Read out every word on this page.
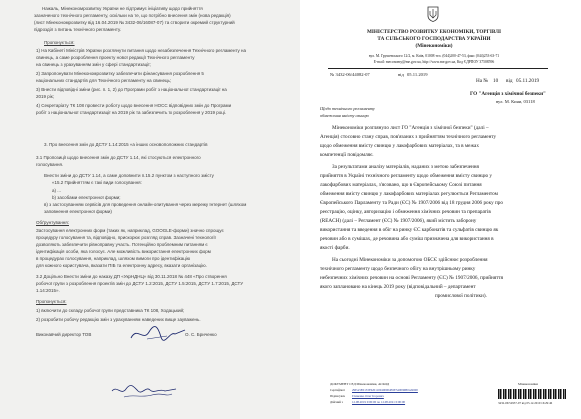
Нажаль, Мінекономрозвитку України не підтримує ініціативу щодо прийняття
зазначеного технічного регламенту, оскільки на те, що потрібно внесення змін (нова редакція)
(лист Мінекономрозвитку від 16.04.2019 № 3432-06/16087-07) та створити окремий структурний
підрозділ з питань технічного регламенту.
Пропонується:
1) На Кабінеті Міністрів України розглянути питання щодо незабезпечення Технічного регламенту на
свинець, а саме розроблення проекту нової редакції Технічного регламенту
на свинець з урахуванням змін у сфері стандартизації;
2) Запропонувати Мінекономрозвитку забезпечити фінансування розроблення 5
національних стандартів для Технічного регламенту на свинець;
3) Внести відповідні зміни (рис. п. 1, 2) до Програми робіт з національної стандартизації на
2019 рік;
4) Секретаріату ТК 108 провести роботу щодо внесення НОСС відповідних змін до Програми
робіт з національної стандартизації на 2019 рік та забезпечить їх розроблення у 2019 році.
3. Про внесення змін до ДСТУ 1.14:2015 «а інших основоположних стандартів
3.1 Пропозиції щодо внесення змін до ДСТУ 1.14, які стосуються електронного
голосування.
Внести зміни до ДСТУ 1.14, а саме доповнити п.15.2 пунктом з наступного змісту
«15.2 Прийняттям є такі види голосування:
а) ...
b) засобами електронної форми;
в) з застосуванням сервісів для проведення онлайн-опитування через мережу Інтернет (шляхом
заповнення електронної форми)
Обґрунтування:
Застосування електронних форм (таких як, наприклад, GOOGLE-форми) значно спрощує
процедуру голосування та, відповідно, прискорює розгляд справ. Зазначені технології
дозволяють забезпечити рівноправну участь. Потенційно проблемним питанням є
ідентифікація особи, яка голосує. Але можливість використання електронних форм
в процедурах голосування, наприклад, шляхом вимоги про ідентифікацію
для кожного користувача, вказати ПІБ та електронну адресу, вказати організацію.
3.2 Доцільно Внести зміни до наказу ДП «УкрНДНЦ» від 30.11.2018 № 448 «Про створення
робочої групи з розроблення проектів змін до ДСТУ 1.2:2015, ДСТУ 1.5:2015, ДСТУ 1.7:2015, ДСТУ
1.14:2015».
Пропонується:
1) включити до складу робочої групи представника ТК 108, Ходацький;
2) розробити робочу редакцію змін з урахуванням наведених вище зауважень.
Виконавчий директор ТОВ	О. С. Бриченко
МІНІСТЕРСТВО РОЗВИТКУ ЕКОНОМІКИ, ТОРГІВЛІ
ТА СІЛЬСЬКОГО ГОСПОДАРСТВА УКРАЇНИ
(Мінекономіки)
вул. М. Грушевського 12/2, м. Київ, 01008 тел. (044)200-47-53, факс (044)253-63-71
E-mail: meconomy@me.gov.ua, http://www.me.gov.ua, Код ЄДРПОУ 37508596
№ 3432-06/44082-07	від 05.11.2019
На № 10 від 05.11.2019
ГО "Агенція з хімічної безпеки"
вул. М. Кияи, 03118
Щодо технічного регламенту
обмеження вмісту свинцю
Мінекономіки розглянуло лист ГО "Агенція з хімічної безпеки" (далі –
Агенція) стосовно стану справ, пов'язаних з прийняттям технічного регламенту
щодо обмеження вмісту свинцю у лакофарбових матеріалах, та в межах
компетенції повідомляє.
За результатами аналізу матеріалів, наданих з метою забезпечення
прийняття в Україні технічного регламенту щодо обмеження вмісту свинцю у
лакофарбових матеріалах, з'ясовано, що в Європейському Союзі питання
обмеження вмісту свинцю у лакофарбових матеріалах регулюється Регламентом
Європейського Парламенту та Ради (ЄС) № 1907/2006 від 18 грудня 2006 року про
реєстрацію, оцінку, авторизацію і обмеження хімічних речовин та препаратів
(REACH) (далі – Регламент (ЄС) № 1907/2006), який містить заборону
використання та введення в обіг на ринку ЄС карбонатів та сульфатів свинцю як
речовин або в сумішах, де речовина або суміш призначена для використання в
якості фарби.
На сьогодні Мінекономіки за допомогою ОБСЄ здійснює розроблення
технічного регламенту щодо безпечного обігу на внутрішньому ринку
небезпечних хімічних речовин на основі Регламенту (ЄС) № 1907/2006, прийняття
якого заплановано на кінець 2019 року (відповідальний – департамент
промислової політики).
ДОКУМЕНТ СЕД Мінекономіки, АСКОД
Сертифікат 29EA5E0133F6201100400004E6E540096B0A6D00
Підписувач Глиненко Олег Ігорович
Дійсний з	12.08.2019 0:00:00 по 12.08.2021 0:00:00
Мінекономіки
3432-06/52937-07 від 05.12.2019 16:29:46
